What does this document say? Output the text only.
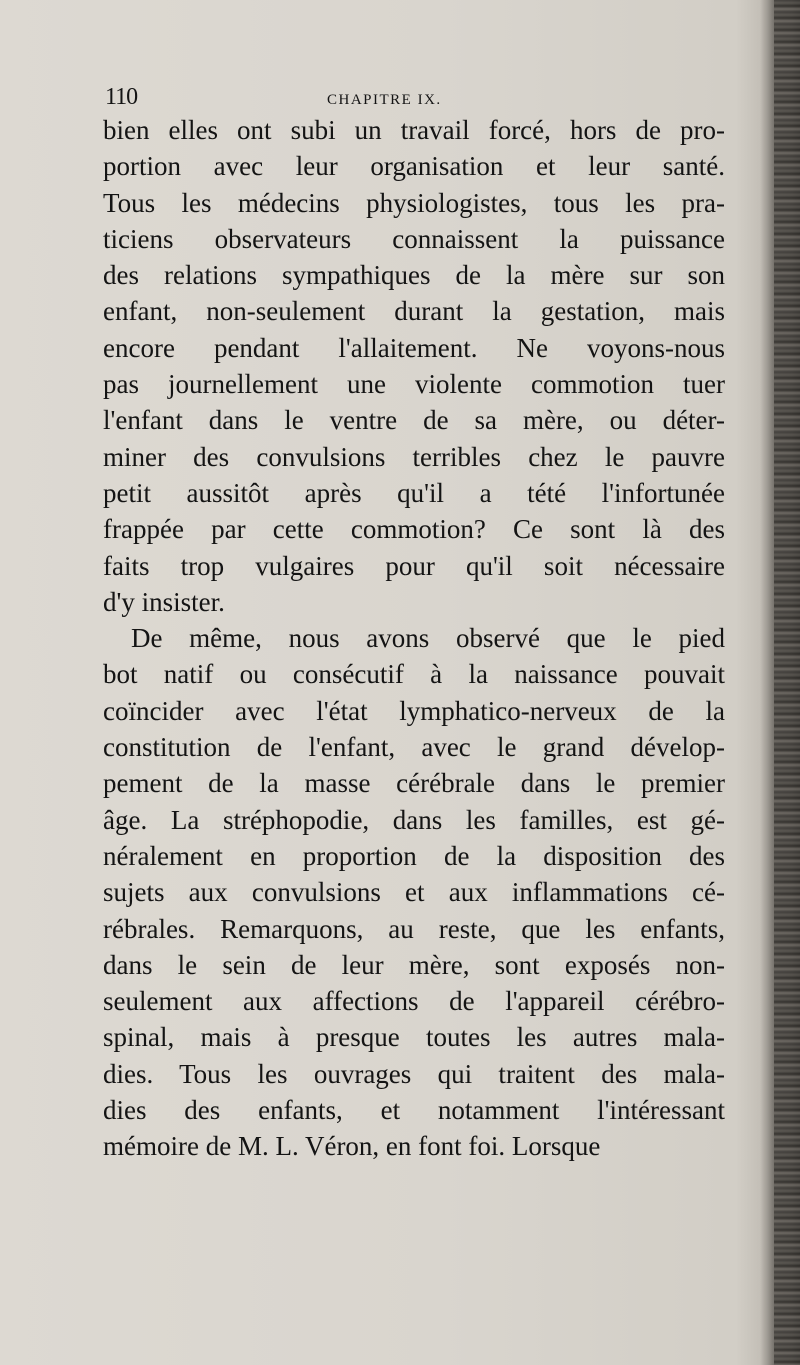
110	CHAPITRE IX.
bien elles ont subi un travail forcé, hors de pro-
portion avec leur organisation et leur santé.
Tous les médecins physiologistes, tous les pra-
ticiens observateurs connaissent la puissance
des relations sympathiques de la mère sur son
enfant, non-seulement durant la gestation, mais
encore pendant l'allaitement. Ne voyons-nous
pas journellement une violente commotion tuer
l'enfant dans le ventre de sa mère, ou déter-
miner des convulsions terribles chez le pauvre
petit aussitôt après qu'il a tété l'infortunée
frappée par cette commotion? Ce sont là des
faits trop vulgaires pour qu'il soit nécessaire
d'y insister.
De même, nous avons observé que le pied
bot natif ou consécutif à la naissance pouvait
coïncider avec l'état lymphatico-nerveux de la
constitution de l'enfant, avec le grand dévelop-
pement de la masse cérébrale dans le premier
âge. La stréphopodie, dans les familles, est gé-
néralement en proportion de la disposition des
sujets aux convulsions et aux inflammations cé-
rébrales. Remarquons, au reste, que les enfants,
dans le sein de leur mère, sont exposés non-
seulement aux affections de l'appareil cérébro-
spinal, mais à presque toutes les autres mala-
dies. Tous les ouvrages qui traitent des mala-
dies des enfants, et notamment l'intéressant
mémoire de M. L. Véron, en font foi. Lorsque
